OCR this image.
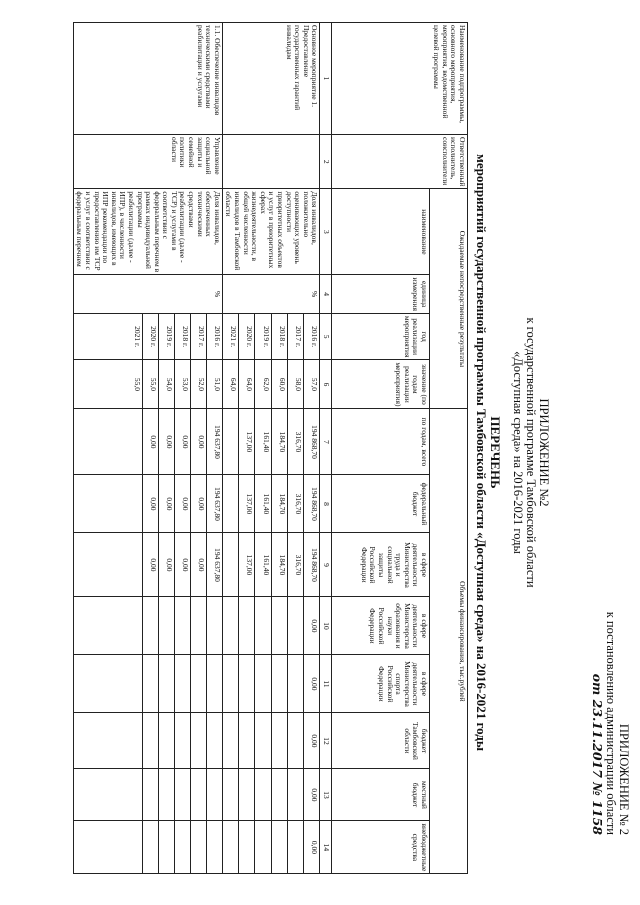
ПРИЛОЖЕНИЕ № 2
к постановлению администрации области
от 23.11.2017 № 1158
ПРИЛОЖЕНИЕ №2
к государственной программе Тамбовской области
«Доступная среда» на 2016-2021 годы
ПЕРЕЧЕНЬ
мероприятий государственной программы Тамбовской области «Доступная среда» на 2016-2021 годы
Наименование подпрограммы, основного мероприятия, мероприятия, ведомственной целевой программы	Ответственный исполнитель, соисполнители	Ожидаемые непосредственные результаты				Объемы финансирования, тыс.рублей							
		наименование	единица измерения	год реализации мероприятия	значение (по годам реализации мероприятия)	по годам, всего	федеральный бюджет	в сфере деятельности Министерства труда и социальной защиты Российской Федерации	в сфере деятельности Министерства образования и науки Российской Федерации	в сфере деятельности Министерства спорта Российской Федерации	бюджет Тамбовской области	местный бюджет	внебюджетные средства
1	2	3	4	5	6	7	8	9	10	11	12	13	14
Основное мероприятие 1. Предоставление государственных гарантий инвалидам		Доля инвалидов, положительно оценивающих уровень доступности приоритетных объектов и услуг в приоритетных сферах жизнедеятельности, в общей численности инвалидов в Тамбовской области	%	2016 г.	57,0	194 868,70	194 868,70	194 868,70	0,00	0,00	0,00	0,00	0,00
				2017 г.	58,0	316,70	316,70	316,70					
				2018 г.	60,0	184,70	184,70	184,70					
				2019 г.	62,0	161,40	161,40	161,40					
				2020 г.	64,0	137,00	137,00	137,00					
				2021 г.	64,0								
1.1. Обеспечение инвалидов техническими средствами реабилитации и услугами	Управление социальной защиты и семейной политики области	Доля инвалидов, обеспеченных техническими средствами реабилитации (далее - ТСР) и услугами в соответствии с федеральным перечнем в рамках индивидуальной программы реабилитации (далее - ИПР), в численности инвалидов, имеющих в ИПР рекомендации по предоставлению им ТСР и услуг в соответствии с федеральным перечнем	%	2016 г.	51,0	194 637,80	194 637,80	194 637,80					
				2017 г.	52,0	0,00	0,00	0,00					
				2018 г.	53,0	0,00	0,00	0,00					
				2019 г.	54,0	0,00	0,00	0,00					
				2020 г.	55,0	0,00	0,00	0,00					
				2021 г.	55,0								
